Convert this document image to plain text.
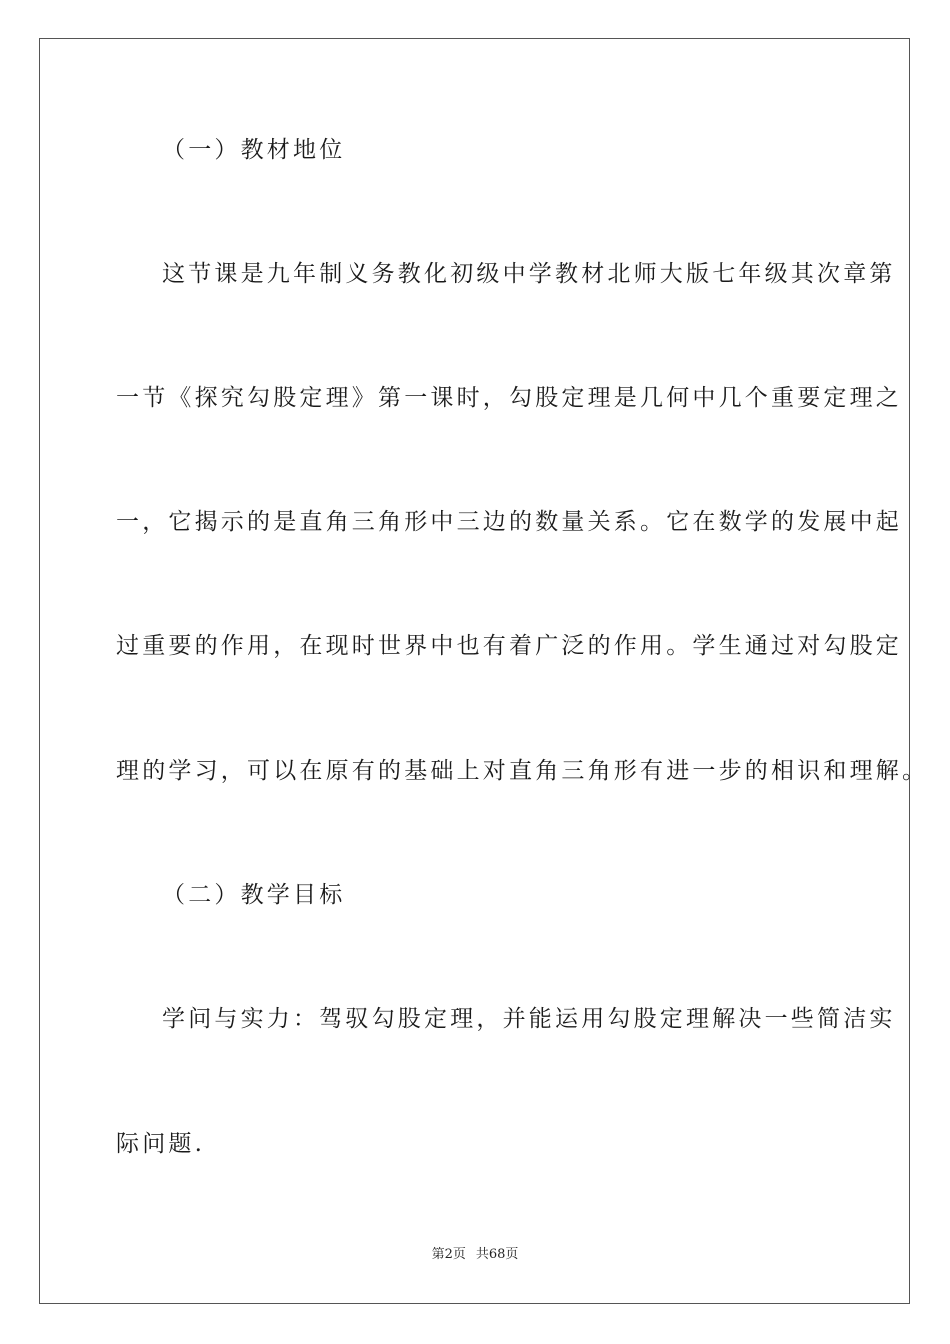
（一）教材地位
这节课是九年制义务教化初级中学教材北师大版七年级其次章第
一节《探究勾股定理》第一课时，勾股定理是几何中几个重要定理之
一，它揭示的是直角三角形中三边的数量关系。它在数学的发展中起
过重要的作用，在现时世界中也有着广泛的作用。学生通过对勾股定
理的学习，可以在原有的基础上对直角三角形有进一步的相识和理解。
（二）教学目标
学问与实力：驾驭勾股定理，并能运用勾股定理解决一些简洁实
际问题.
第2页 共68页
